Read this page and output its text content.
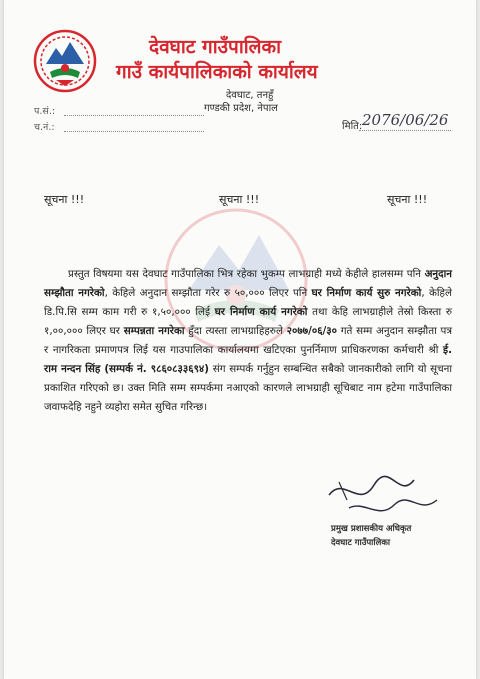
देवघाट गाउँपालिका
गाउँ कार्यपालिकाको कार्यालय
देवघाट, तनहुँ
गण्डकी प्रदेश, नेपाल
प.सं.:
च.नं.:	मिति: 2076/06/26
सूचना !!!	सूचना !!!	सूचना !!!
प्रस्तुत विषयमा यस देवघाट गाउँपालिका भित्र रहेका भुकम्प लाभग्राही मध्ये केहीले हालसम्म पनि अनुदान सम्झौता नगरेको, केहिले अनुदान सम्झौता गरेर रु ५०,००० लिएर पनि घर निर्माण कार्य सुरु नगरेको, केहिले डि.पि.सि सम्म काम गरी रु १,५०,००० लिई घर निर्माण कार्य नगरेको तथा केहि लाभग्राहीले तेस्रो किस्ता रु १,००,००० लिएर घर सम्पन्नता नगरेका हुँदा त्यस्ता लाभग्राहिहरुले २०७७/०६/३० गते सम्म अनुदान सम्झौता पत्र र नागरिकता प्रमाणपत्र लिई यस गाउपालिका कार्यालयमा खटिएका पुनर्निमाण प्राधिकरणका कर्मचारी श्री ई. राम नन्दन सिंह (सम्पर्क नं. ९८६०८३३६९४) संग सम्पर्क गर्नुहुन सम्बन्धित सबैको जानकारीको लागि यो सूचना प्रकाशित गरिएको छ। उक्त मिति सम्म सम्पर्कमा नआएको कारणले लाभग्राही सूचिबाट नाम हटेमा गाउँपालिका जवाफदेहि नहुने व्यहोरा समेत सुचित गरिन्छ।
प्रमुख प्रशासकीय अधिकृत
देवघाट गाउँपालिका
